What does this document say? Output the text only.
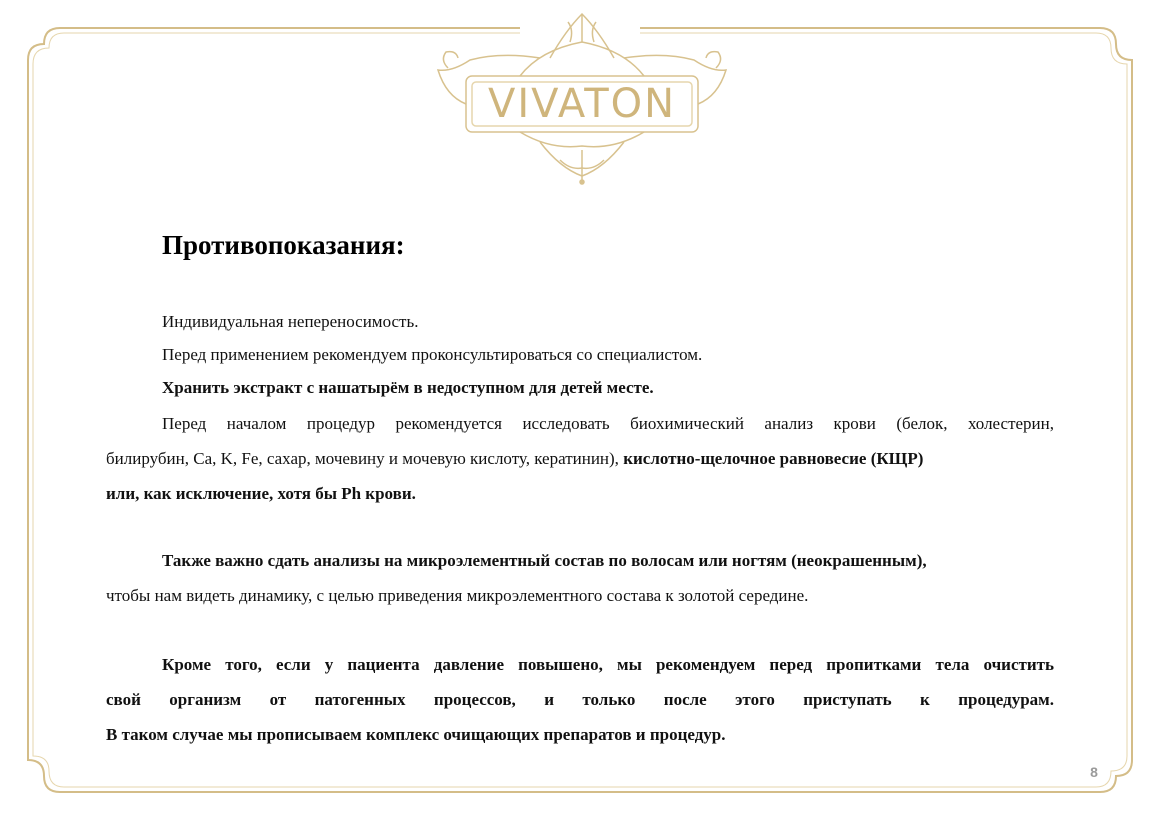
VIVATON
Противопоказания:

Индивидуальная непереносимость.

Перед применением рекомендуем проконсультироваться со специалистом.

Хранить экстракт с нашатырём в недоступном для детей месте.

Перед началом процедур рекомендуется исследовать биохимический анализ крови (белок, холестерин,

билирубин, Ca, K, Fe, сахар, мочевину и мочевую кислоту, кератинин), кислотно-щелочное равновесие (КЩР)

или, как исключение, хотя бы Ph крови.

Также важно сдать анализы на микроэлементный состав по волосам или ногтям (неокрашенным),

чтобы нам видеть динамику, с целью приведения микроэлементного состава к золотой середине.

Кроме того, если у пациента давление повышено, мы рекомендуем перед пропитками тела очистить

свой организм от патогенных процессов, и только после этого приступать к процедурам.

В таком случае мы прописываем комплекс очищающих препаратов и процедур.

8
